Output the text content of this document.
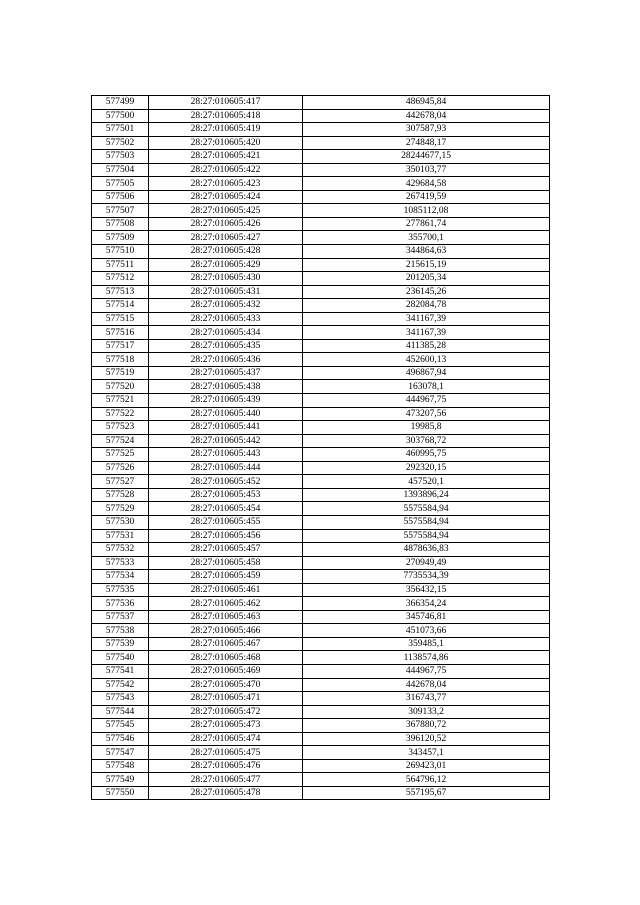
577499	28:27:010605:417	486945,84
577500	28:27:010605:418	442678,04
577501	28:27:010605:419	307587,93
577502	28:27:010605:420	274848,17
577503	28:27:010605:421	28244677,15
577504	28:27:010605:422	350103,77
577505	28:27:010605:423	429684,58
577506	28:27:010605:424	267419,59
577507	28:27:010605:425	1085112,08
577508	28:27:010605:426	277861,74
577509	28:27:010605:427	355700,1
577510	28:27:010605:428	344864,63
577511	28:27:010605:429	215615,19
577512	28:27:010605:430	201205,34
577513	28:27:010605:431	236145,26
577514	28:27:010605:432	282084,78
577515	28:27:010605:433	341167,39
577516	28:27:010605:434	341167,39
577517	28:27:010605:435	411385,28
577518	28:27:010605:436	452600,13
577519	28:27:010605:437	496867,94
577520	28:27:010605:438	163078,1
577521	28:27:010605:439	444967,75
577522	28:27:010605:440	473207,56
577523	28:27:010605:441	19985,8
577524	28:27:010605:442	303768,72
577525	28:27:010605:443	460995,75
577526	28:27:010605:444	292320,15
577527	28:27:010605:452	457520,1
577528	28:27:010605:453	1393896,24
577529	28:27:010605:454	5575584,94
577530	28:27:010605:455	5575584,94
577531	28:27:010605:456	5575584,94
577532	28:27:010605:457	4878636,83
577533	28:27:010605:458	270949,49
577534	28:27:010605:459	7735534,39
577535	28:27:010605:461	356432,15
577536	28:27:010605:462	366354,24
577537	28:27:010605:463	345746,81
577538	28:27:010605:466	451073,66
577539	28:27:010605:467	359485,1
577540	28:27:010605:468	1138574,86
577541	28:27:010605:469	444967,75
577542	28:27:010605:470	442678,04
577543	28:27:010605:471	316743,77
577544	28:27:010605:472	309133,2
577545	28:27:010605:473	367880,72
577546	28:27:010605:474	396120,52
577547	28:27:010605:475	343457,1
577548	28:27:010605:476	269423,01
577549	28:27:010605:477	564796,12
577550	28:27:010605:478	557195,67
